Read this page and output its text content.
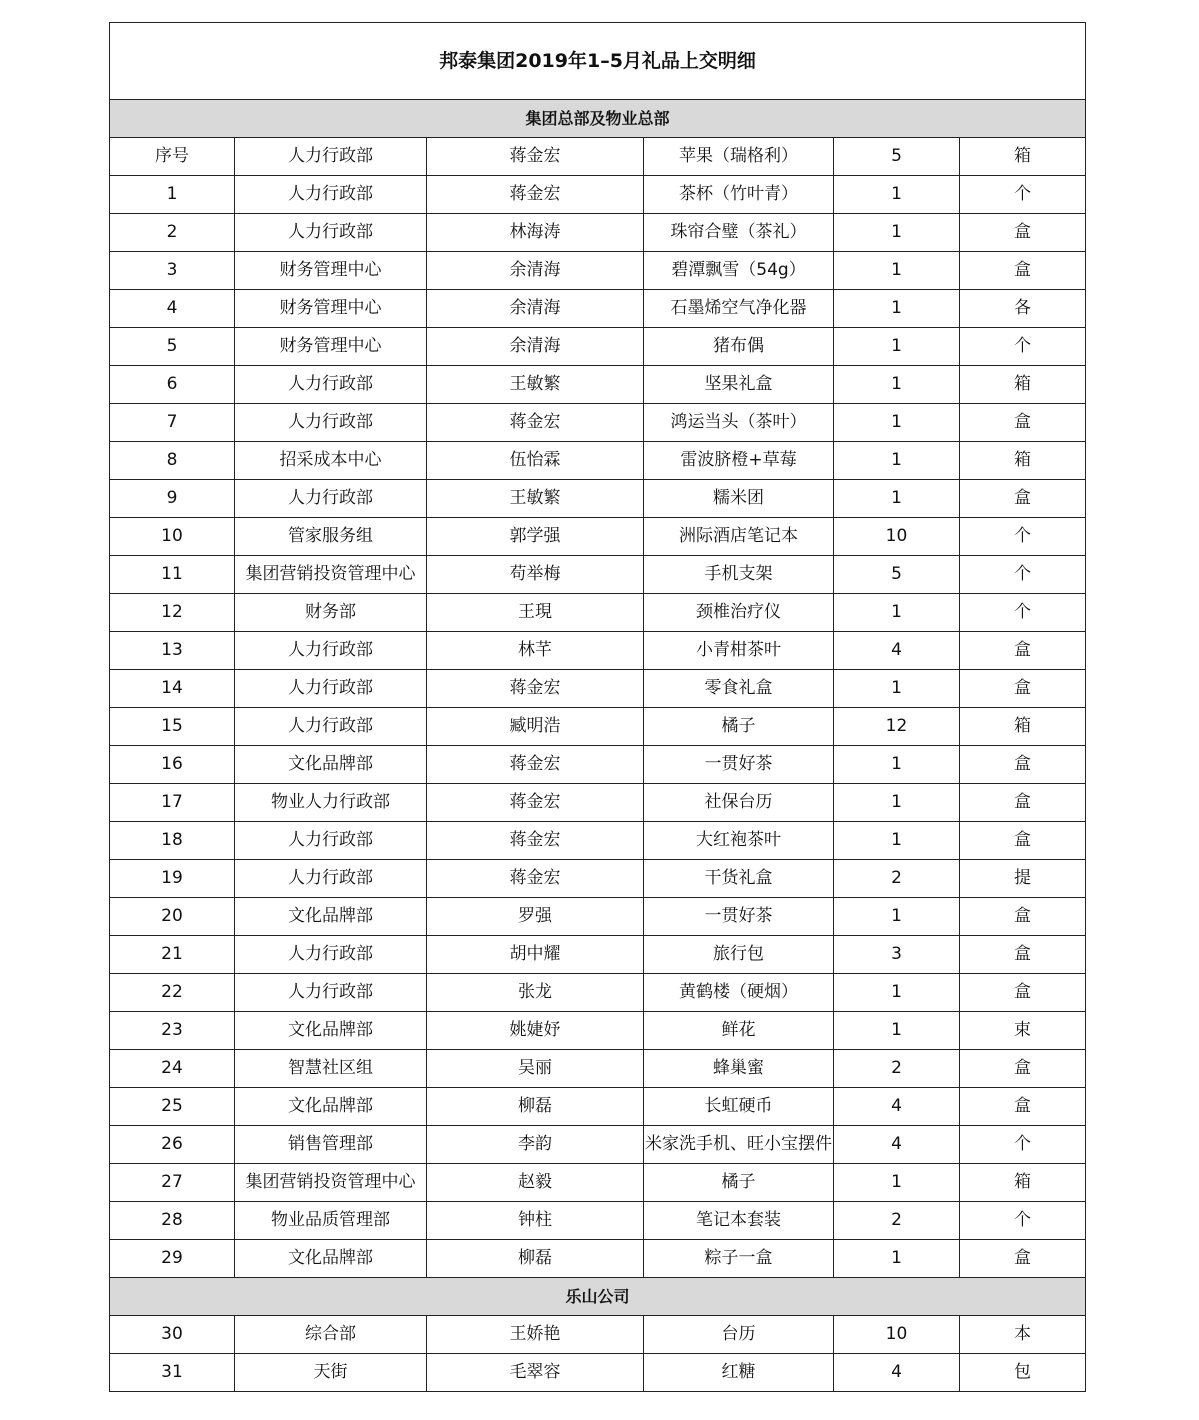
邦泰集团2019年1–5月礼品上交明细					
集团总部及物业总部					
序号	人力行政部	蒋金宏	苹果（瑞格利）	5	箱
1	人力行政部	蒋金宏	茶杯（竹叶青）	1	个
2	人力行政部	林海涛	珠帘合璧（茶礼）	1	盒
3	财务管理中心	余清海	碧潭飘雪（54g）	1	盒
4	财务管理中心	余清海	石墨烯空气净化器	1	各
5	财务管理中心	余清海	猪布偶	1	个
6	人力行政部	王敏繁	坚果礼盒	1	箱
7	人力行政部	蒋金宏	鸿运当头（茶叶）	1	盒
8	招采成本中心	伍怡霖	雷波脐橙+草莓	1	箱
9	人力行政部	王敏繁	糯米团	1	盒
10	管家服务组	郭学强	洲际酒店笔记本	10	个
11	集团营销投资管理中心	苟举梅	手机支架	5	个
12	财务部	王現	颈椎治疗仪	1	个
13	人力行政部	林芊	小青柑茶叶	4	盒
14	人力行政部	蒋金宏	零食礼盒	1	盒
15	人力行政部	臧明浩	橘子	12	箱
16	文化品牌部	蒋金宏	一贯好茶	1	盒
17	物业人力行政部	蒋金宏	社保台历	1	盒
18	人力行政部	蒋金宏	大红袍茶叶	1	盒
19	人力行政部	蒋金宏	干货礼盒	2	提
20	文化品牌部	罗强	一贯好茶	1	盒
21	人力行政部	胡中耀	旅行包	3	盒
22	人力行政部	张龙	黄鹤楼（硬烟）	1	盒
23	文化品牌部	姚婕妤	鲜花	1	束
24	智慧社区组	吴丽	蜂巢蜜	2	盒
25	文化品牌部	柳磊	长虹硬币	4	盒
26	销售管理部	李韵	米家洗手机、旺小宝摆件	4	个
27	集团营销投资管理中心	赵毅	橘子	1	箱
28	物业品质管理部	钟柱	笔记本套装	2	个
29	文化品牌部	柳磊	粽子一盒	1	盒
乐山公司					
30	综合部	王娇艳	台历	10	本
31	天街	毛翠容	红糖	4	包
